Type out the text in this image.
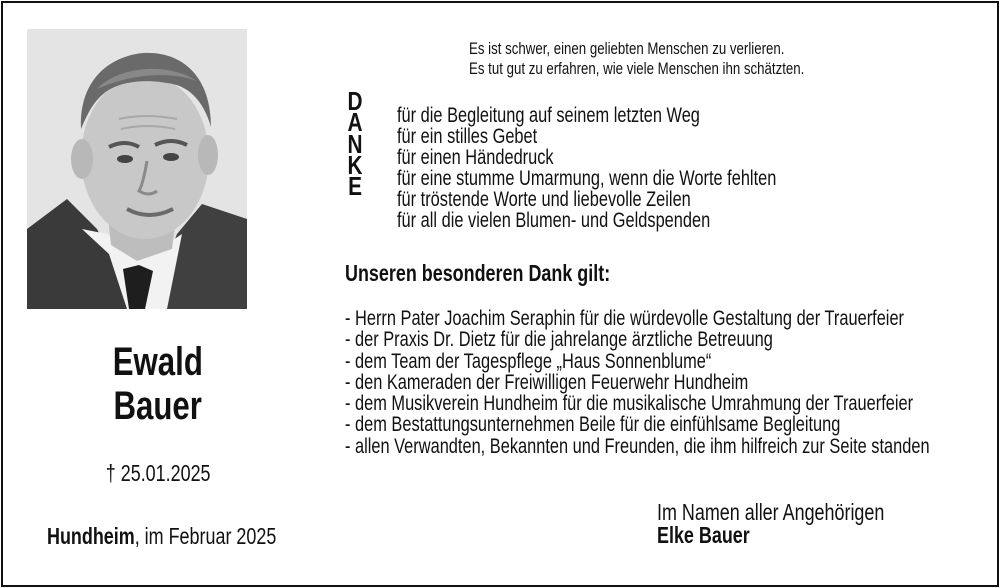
Ewald
Bauer
† 25.01.2025
Hundheim, im Februar 2025
Es ist schwer, einen geliebten Menschen zu verlieren.
Es tut gut zu erfahren, wie viele Menschen ihn schätzten.
D
A
N
K
E
für die Begleitung auf seinem letzten Weg
für ein stilles Gebet
für einen Händedruck
für eine stumme Umarmung, wenn die Worte fehlten
für tröstende Worte und liebevolle Zeilen
für all die vielen Blumen- und Geldspenden
Unseren besonderen Dank gilt:
- Herrn Pater Joachim Seraphin für die würdevolle Gestaltung der Trauerfeier
- der Praxis Dr. Dietz für die jahrelange ärztliche Betreuung
- dem Team der Tagespflege „Haus Sonnenblume“
- den Kameraden der Freiwilligen Feuerwehr Hundheim
- dem Musikverein Hundheim für die musikalische Umrahmung der Trauerfeier
- dem Bestattungsunternehmen Beile für die einfühlsame Begleitung
- allen Verwandten, Bekannten und Freunden, die ihm hilfreich zur Seite standen
Im Namen aller Angehörigen
Elke Bauer
